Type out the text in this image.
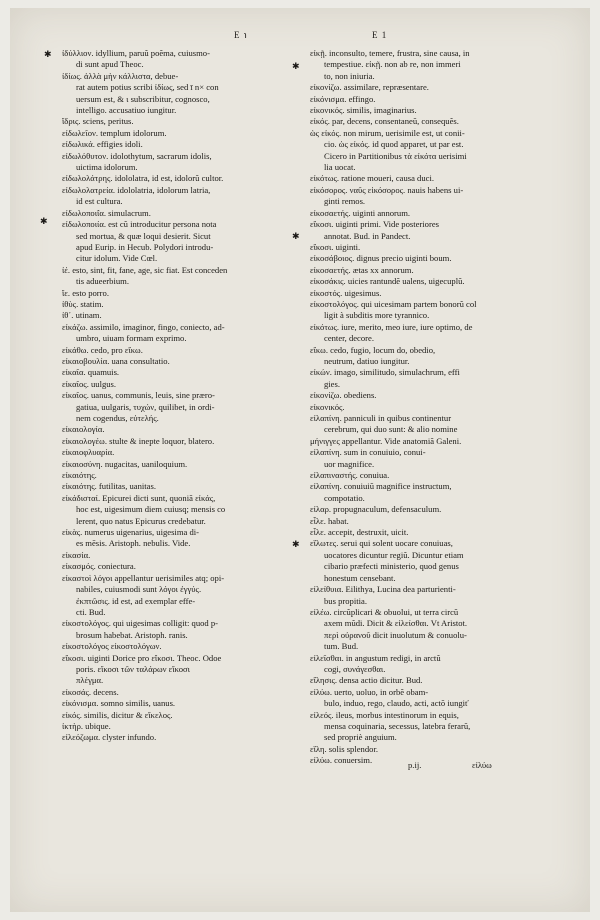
E ℩	E 1
ἰδύλλιον. idyllium, paruũ poẽma, cuiusmo-
di sunt apud Theoc.
ἰδίως. ἀλλὰ μὴν κάλλιστα, debue-
rat autem potius scribi ἰδίως, sed ī n× con
uersum est, & ι subscribitur, cognosco,
intelligo. accusatiuo iungitur.
ἴδρις. sciens, peritus.
εἰδωλεῖον. templum idolorum.
εἰδωλικά. effigies idoli.
εἰδωλόθυτον. idolothytum, sacrarum idolis,
uictima idolorum.
εἰδωλολάτρης. idololatra, id est, idolorũ cultor.
εἰδωλολατρεία. idololatria, idolorum latria,
id est cultura.
εἰδωλοποιΐα. simulacrum.
εἰδωλοποιία. est cũ introducitur persona nota
sed mortua, & quæ loqui desierit. Sicut
apud Eurip. in Hecub. Polydori introdu-
citur idolum. Vide Cœl.
ἰέ. esto, sint, fit, fane, age, sic fiat. Est conceden
tis adueerbium.
ἴε. esto porro.
ἰθὺς. statim.
ἰθ᾽. utinam.
εἰκάζω. assimilo, imaginor, fingo, coniecto, ad-
umbro, uiuam formam exprimo.
εἰκάθω. cedo, pro εἴκω.
εἰκαιοβουλία. uana consultatio.
εἰκαῖα. quamuis.
εἰκαῖος. uulgus.
εἰκαῖος. uanus, communis, leuis, sine præro-
gatiua, uulgaris, τυχών, quilibet, in ordi-
nem cogendus, εὐτελής.
εἰκαιολογία.
εἰκαιολογέω. stulte & inepte loquor, blatero.
εἰκαιοφλυαρία.
εἰκαιοσύνη. nugacitas, uaniloquium.
εἰκαιότης.
εἰκαιότης. futilitas, uanitas.
εἰκάδισταί. Epicurei dicti sunt, quoniã εἰκάς,
hoc est, uigesimum diem cuiusq; mensis co
lerent, quo natus Epicurus credebatur.
εἰκὰς. numerus uigenarius, uigesima di-
es mēsis. Aristoph. nebulis. Vide.
εἰκασία.
εἰκασμός. coniectura.
εἰκαστοὶ λόγοι appellantur uerisimiles atq; opi-
nabiles, cuiusmodi sunt λόγοι ἐγγύς.
ἐκπτῶσις. id est, ad exemplar effe-
cti. Bud.
εἰκοστολόγος. qui uigesimas colligit: quod p-
brosum habebat. Aristoph. ranis.
εἰκοστολόγος εἰκοστολόγων.
εἴκοσι. uiginti Dorice pro εἴκοσι. Theoc. Odoe
poris. εἴκοσι τῶν ταλάρων εἴκοσι
πλέγμα.
εἰκοσάς. decens.
εἰκόνισμα. somno similis, uanus.
εἰκός. similis, dicitur & εἴκελος.
ἰκτὴρ. ubique.
εἰλεόζωμα. clyster infundo.
εἰκῇ. inconsulto, temere, frustra, sine causa, in
tempestiue. εἰκῇ. non ab re, non immeri
to, non iniuria.
εἰκονίζω. assimilare, repræsentare.
εἰκόνισμα. effingo.
εἰκονικός. similis, imaginarius.
εἰκός. par, decens, consentaneũ, consequẽs.
ὡς εἰκός. non mirum, uerisimile est, ut conii-
cio. ὡς εἰκός. id quod apparet, ut par est.
Cicero in Partitionibus τὰ εἰκότα uerisimi
lia uocat.
εἰκότως. ratione moueri, causa duci.
εἰκόσορος. ναῦς εἰκόσορος. nauis habens ui-
ginti remos.
εἰκοσαετής. uiginti annorum.
εἴκοσι. uiginti primi. Vide posteriores
annotat. Bud. in Pandect.
εἴκοσι. uiginti.
εἰκοσάβοιος. dignus precio uiginti boum.
εἰκοσαετής. ætas xx annorum.
εἰκοσάκις. uicies rantundẽ ualens, uigecuplũ.
εἰκοστός. uigesimus.
εἰκοστολόγος. qui uicesimam partem bonorũ col
ligit à subditis more tyrannico.
εἰκότως. iure, merito, meo iure, iure optimo, de
center, decore.
εἴκω. cedo, fugio, locum do, obedio,
neutrum, datiuo iungitur.
εἰκών. imago, similitudo, simulachrum, effi
gies.
εἰκονίζω. obediens.
εἰκονικός.
εἰλαπίνη. panniculi in quibus continentur
cerebrum, qui duo sunt: & alio nomine
μήνιγγες appellantur. Vide anatomiã Galeni.
εἰλαπίνη. sum in conuiuio, conui-
uor magnifice.
εἰλαπιναστής. conuiua.
εἰλαπίνη. conuiuiũ magnifice instructum,
compotatio.
εἰλαρ. propugnaculum, defensaculum.
εἶλε. habat.
εἷλε. accepit, destruxit, uicit.
εἵλωτες. serui qui solent uocare conuiuas,
uocatores dicuntur regiũ. Dicuntur etiam
cibario præfecti ministerio, quod genus
honestum censebant.
εἰλείθυια. Eilithya, Lucina dea parturienti-
bus propitia.
εἰλέω. circũplicari & obuolui, ut terra circũ
axem mũdi. Dicit & εἰλείσθαι. Vt Aristot.
περὶ οὐρανοῦ dicit inuolutum & conuolu-
tum. Bud.
εἰλεῖσθαι. in angustum redigi, in arctũ
cogi, συνάγεσθαι.
εἴλησις. densa actio dicitur. Bud.
εἰλύω. uerto, uoluo, in orbẽ obam-
bulo, induo, rego, claudo, acti, actõ iungiť
εἰλεός. ileus, morbus intestinorum in equis,
mensa coquinaria, secessus, latebra ferarũ,
sed propriè anguium.
εἵλη. solis splendor.
εἰλύω. conuersim.
✱
✱
✱
✱
✱
p.ij.	εἰλύω
